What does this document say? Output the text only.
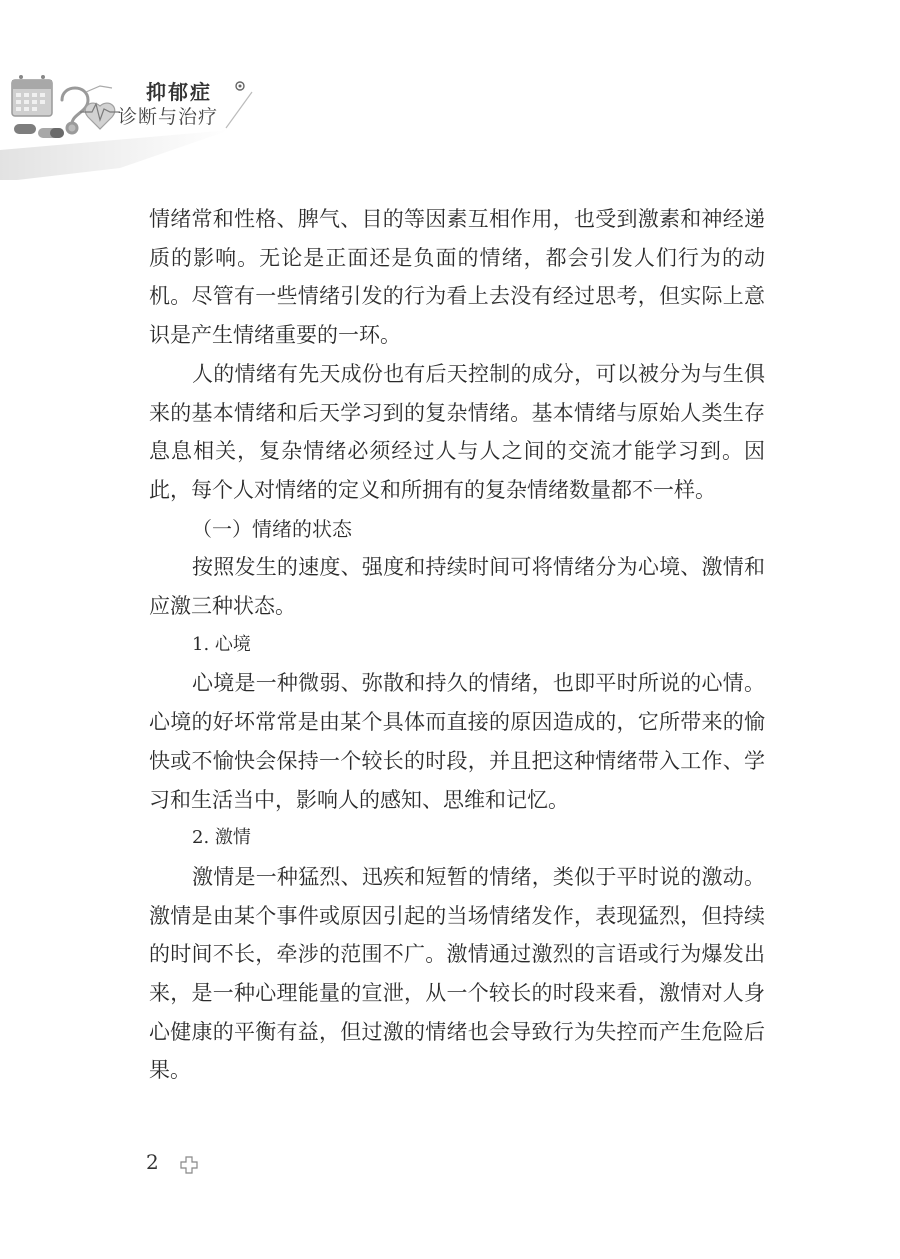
抑郁症

诊断与治疗

情绪常和性格、脾气、目的等因素互相作用，也受到激素和神经递质的影响。无论是正面还是负面的情绪，都会引发人们行为的动机。尽管有一些情绪引发的行为看上去没有经过思考，但实际上意识是产生情绪重要的一环。

人的情绪有先天成份也有后天控制的成分，可以被分为与生俱来的基本情绪和后天学习到的复杂情绪。基本情绪与原始人类生存息息相关，复杂情绪必须经过人与人之间的交流才能学习到。因此，每个人对情绪的定义和所拥有的复杂情绪数量都不一样。

（一）情绪的状态

按照发生的速度、强度和持续时间可将情绪分为心境、激情和应激三种状态。

1. 心境

心境是一种微弱、弥散和持久的情绪，也即平时所说的心情。心境的好坏常常是由某个具体而直接的原因造成的，它所带来的愉快或不愉快会保持一个较长的时段，并且把这种情绪带入工作、学习和生活当中，影响人的感知、思维和记忆。

2. 激情

激情是一种猛烈、迅疾和短暂的情绪，类似于平时说的激动。激情是由某个事件或原因引起的当场情绪发作，表现猛烈，但持续的时间不长，牵涉的范围不广。激情通过激烈的言语或行为爆发出来，是一种心理能量的宣泄，从一个较长的时段来看，激情对人身心健康的平衡有益，但过激的情绪也会导致行为失控而产生危险后果。

2
